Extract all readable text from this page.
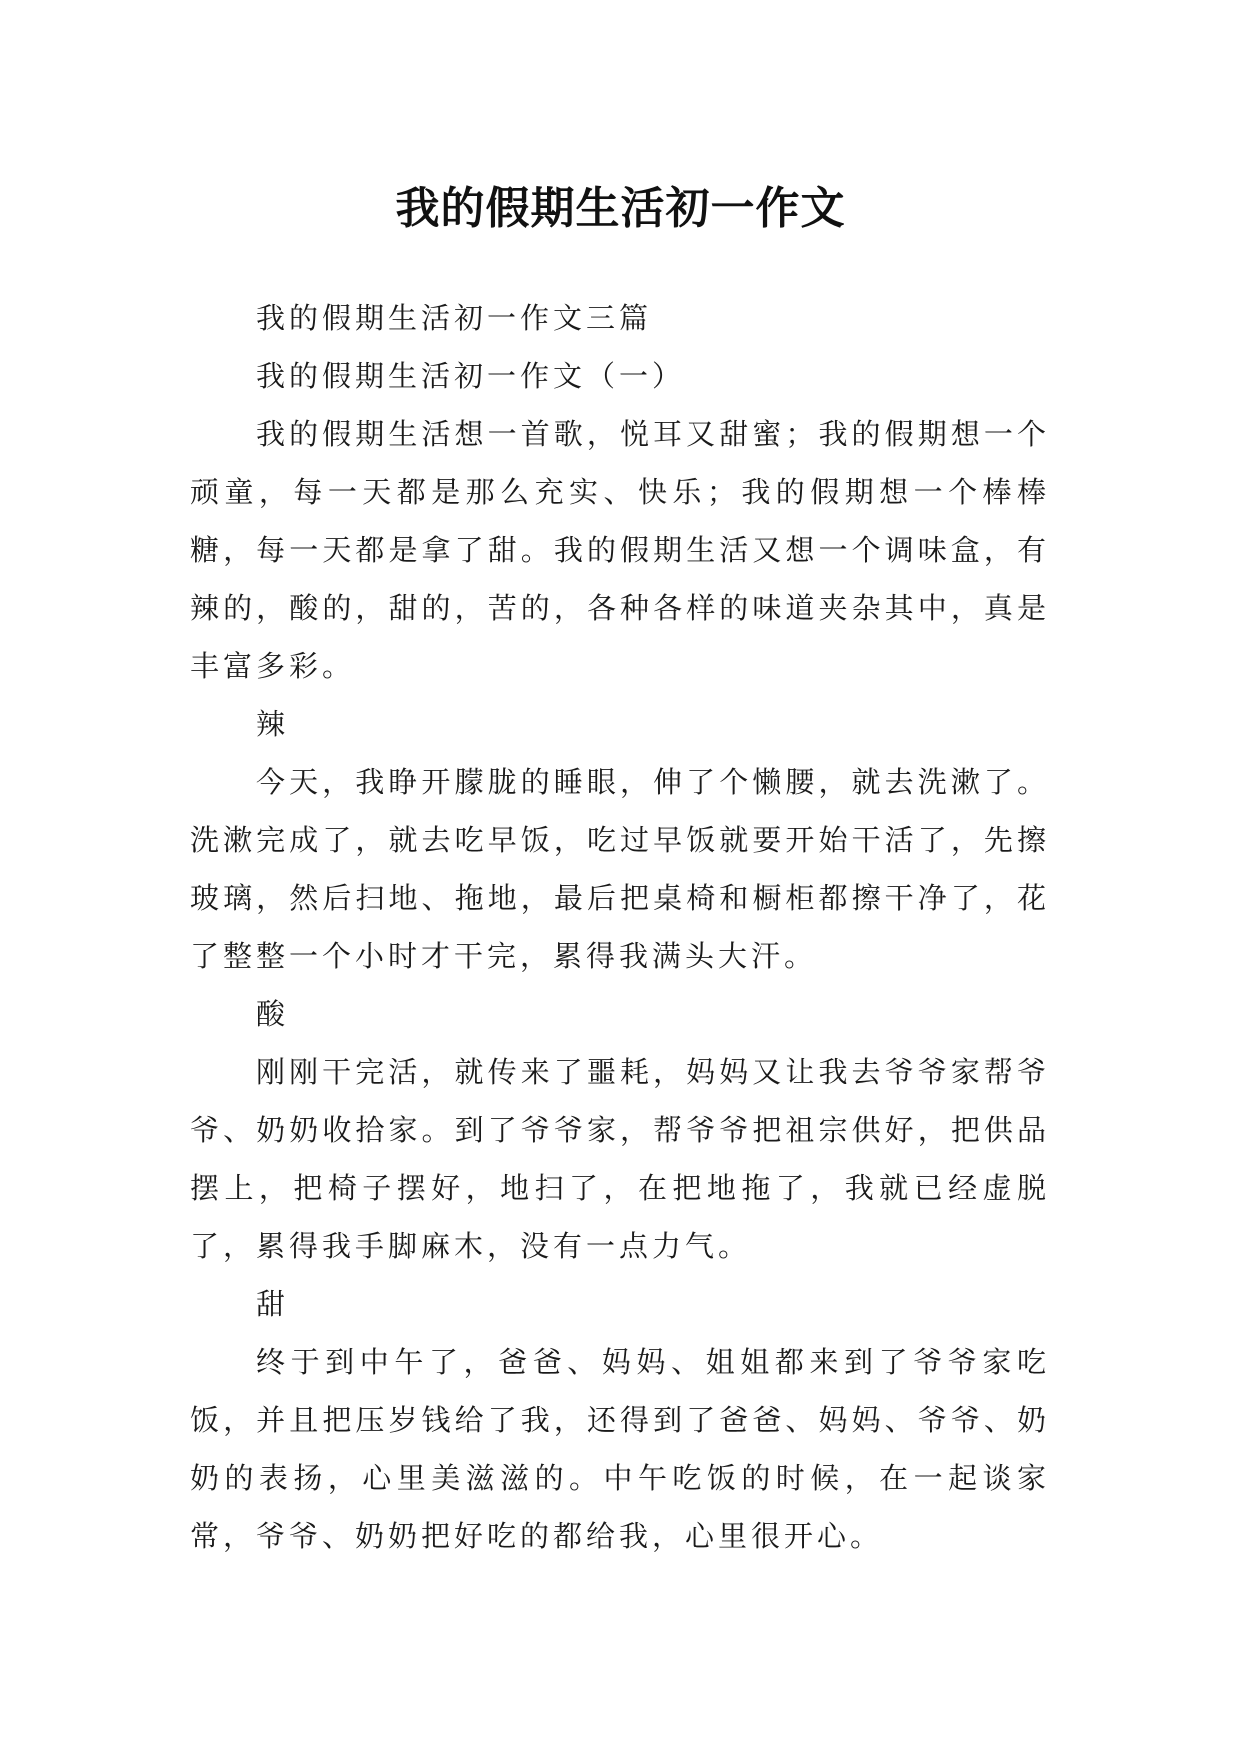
我的假期生活初一作文

我的假期生活初一作文三篇

我的假期生活初一作文（一）

我的假期生活想一首歌，悦耳又甜蜜；我的假期想一个顽童，每一天都是那么充实、快乐；我的假期想一个棒棒糖，每一天都是拿了甜。我的假期生活又想一个调味盒，有辣的，酸的，甜的，苦的，各种各样的味道夹杂其中，真是丰富多彩。

辣

今天，我睁开朦胧的睡眼，伸了个懒腰，就去洗漱了。洗漱完成了，就去吃早饭，吃过早饭就要开始干活了，先擦玻璃，然后扫地、拖地，最后把桌椅和橱柜都擦干净了，花了整整一个小时才干完，累得我满头大汗。

酸

刚刚干完活，就传来了噩耗，妈妈又让我去爷爷家帮爷爷、奶奶收拾家。到了爷爷家，帮爷爷把祖宗供好，把供品摆上，把椅子摆好，地扫了，在把地拖了，我就已经虚脱了，累得我手脚麻木，没有一点力气。

甜

终于到中午了，爸爸、妈妈、姐姐都来到了爷爷家吃饭，并且把压岁钱给了我，还得到了爸爸、妈妈、爷爷、奶奶的表扬，心里美滋滋的。中午吃饭的时候，在一起谈家常，爷爷、奶奶把好吃的都给我，心里很开心。
